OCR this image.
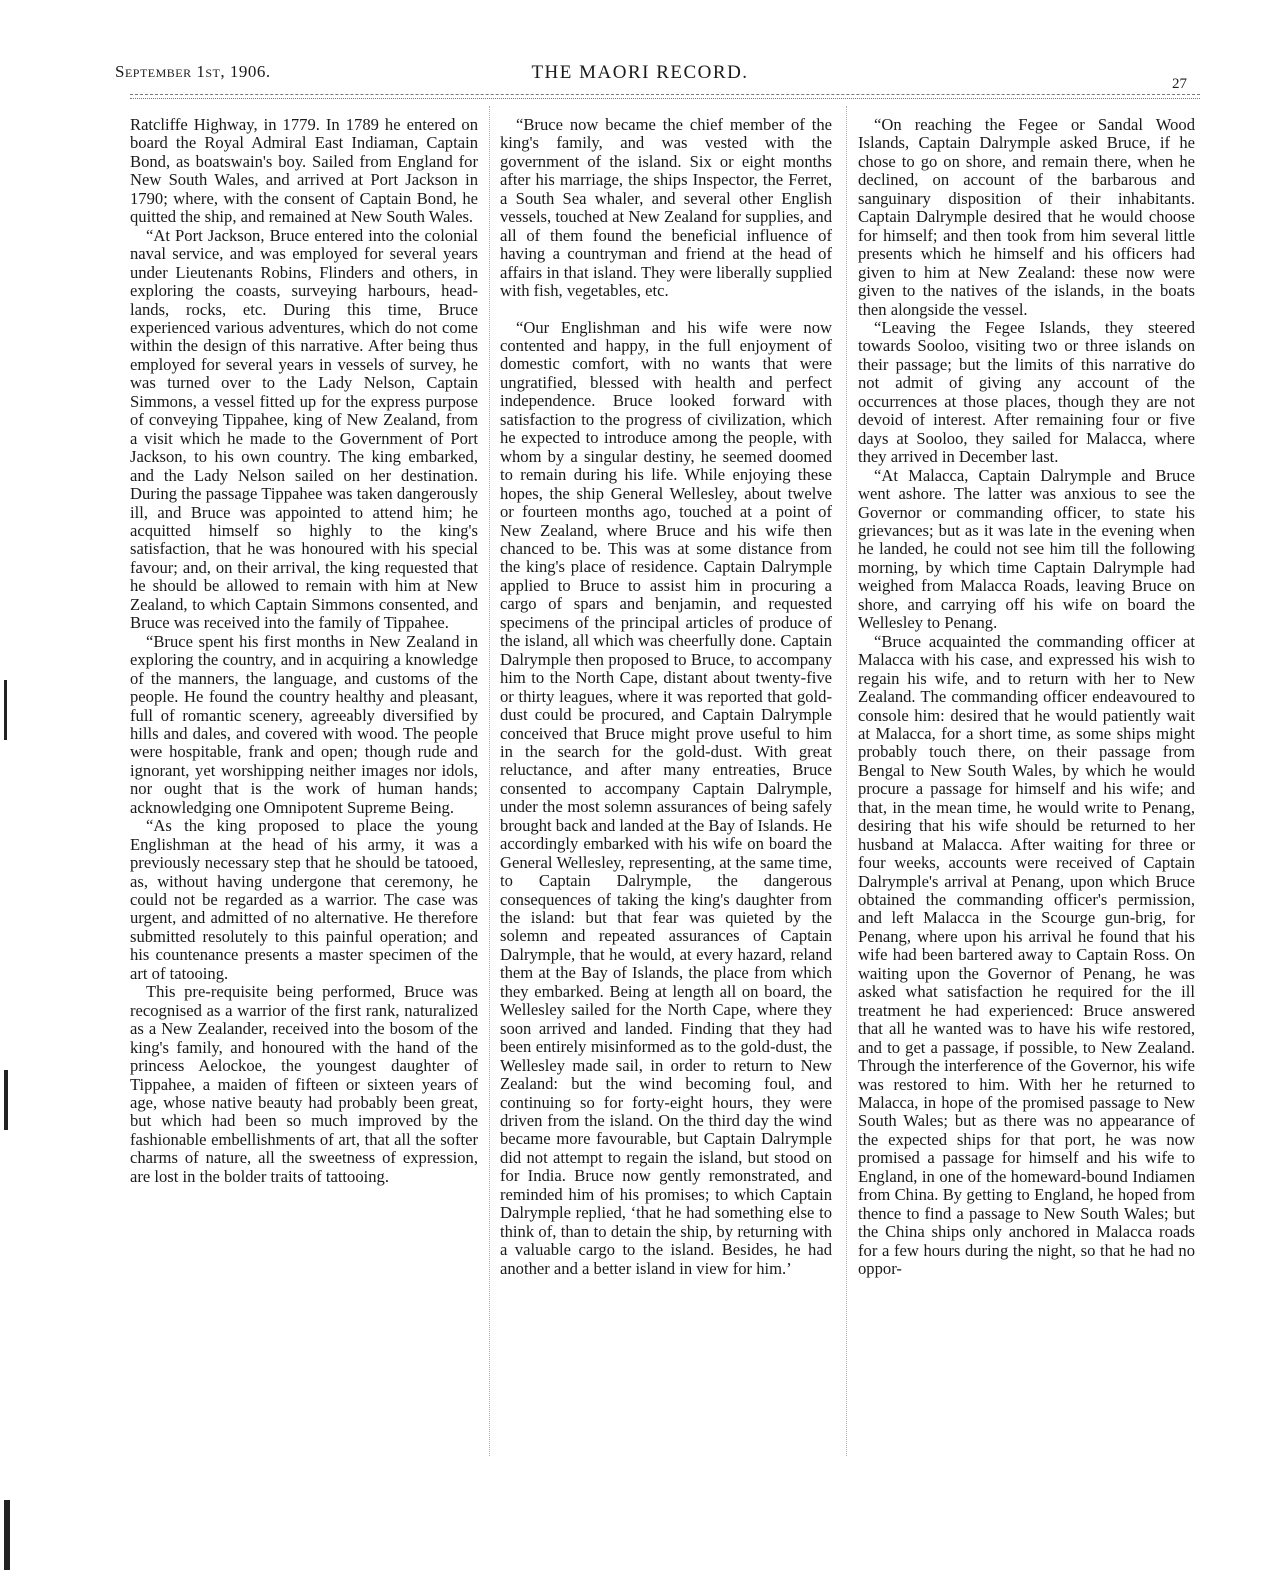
September 1st, 1906.	THE MAORI RECORD.
27

Ratcliffe Highway, in 1779. In 1789 he entered on board the Royal Admiral East Indiaman, Captain Bond, as boatswain's boy. Sailed from England for New South Wales, and arrived at Port Jackson in 1790; where, with the consent of Captain Bond, he quitted the ship, and remained at New South Wales.

“At Port Jackson, Bruce entered into the colonial naval service, and was employed for several years under Lieutenants Robins, Flinders and others, in exploring the coasts, surveying harbours, head-lands, rocks, etc. During this time, Bruce experienced various adventures, which do not come within the design of this narrative. After being thus employed for several years in vessels of survey, he was turned over to the Lady Nelson, Captain Simmons, a vessel fitted up for the express purpose of conveying Tippahee, king of New Zealand, from a visit which he made to the Government of Port Jackson, to his own country. The king embarked, and the Lady Nelson sailed on her destination. During the passage Tippahee was taken dangerously ill, and Bruce was appointed to attend him; he acquitted himself so highly to the king's satisfaction, that he was honoured with his special favour; and, on their arrival, the king requested that he should be allowed to remain with him at New Zealand, to which Captain Simmons consented, and Bruce was received into the family of Tippahee.

“Bruce spent his first months in New Zealand in exploring the country, and in acquiring a knowledge of the manners, the language, and customs of the people. He found the country healthy and pleasant, full of romantic scenery, agreeably diversified by hills and dales, and covered with wood. The people were hospitable, frank and open; though rude and ignorant, yet worshipping neither images nor idols, nor ought that is the work of human hands; acknowledging one Omnipotent Supreme Being.

“As the king proposed to place the young Englishman at the head of his army, it was a previously necessary step that he should be tatooed, as, without having undergone that ceremony, he could not be regarded as a warrior. The case was urgent, and admitted of no alternative. He therefore submitted resolutely to this painful operation; and his countenance presents a master specimen of the art of tatooing.

This pre-requisite being performed, Bruce was recognised as a warrior of the first rank, naturalized as a New Zealander, received into the bosom of the king's family, and honoured with the hand of the princess Aelockoe, the youngest daughter of Tippahee, a maiden of fifteen or sixteen years of age, whose native beauty had probably been great, but which had been so much improved by the fashionable embellishments of art, that all the softer charms of nature, all the sweetness of expression, are lost in the bolder traits of tattooing.

“Bruce now became the chief member of the king's family, and was vested with the government of the island. Six or eight months after his marriage, the ships Inspector, the Ferret, a South Sea whaler, and several other English vessels, touched at New Zealand for supplies, and all of them found the beneficial influence of having a countryman and friend at the head of affairs in that island. They were liberally supplied with fish, vegetables, etc.

“Our Englishman and his wife were now contented and happy, in the full enjoyment of domestic comfort, with no wants that were ungratified, blessed with health and perfect independence. Bruce looked forward with satisfaction to the progress of civilization, which he expected to introduce among the people, with whom by a singular destiny, he seemed doomed to remain during his life. While enjoying these hopes, the ship General Wellesley, about twelve or fourteen months ago, touched at a point of New Zealand, where Bruce and his wife then chanced to be. This was at some distance from the king's place of residence. Captain Dalrymple applied to Bruce to assist him in procuring a cargo of spars and benjamin, and requested specimens of the principal articles of produce of the island, all which was cheerfully done. Captain Dalrymple then proposed to Bruce, to accompany him to the North Cape, distant about twenty-five or thirty leagues, where it was reported that gold-dust could be procured, and Captain Dalrymple conceived that Bruce might prove useful to him in the search for the gold-dust. With great reluctance, and after many entreaties, Bruce consented to accompany Captain Dalrymple, under the most solemn assurances of being safely brought back and landed at the Bay of Islands. He accordingly embarked with his wife on board the General Wellesley, representing, at the same time, to Captain Dalrymple, the dangerous consequences of taking the king's daughter from the island: but that fear was quieted by the solemn and repeated assurances of Captain Dalrymple, that he would, at every hazard, reland them at the Bay of Islands, the place from which they embarked. Being at length all on board, the Wellesley sailed for the North Cape, where they soon arrived and landed. Finding that they had been entirely misinformed as to the gold-dust, the Wellesley made sail, in order to return to New Zealand: but the wind becoming foul, and continuing so for forty-eight hours, they were driven from the island. On the third day the wind became more favourable, but Captain Dalrymple did not attempt to regain the island, but stood on for India. Bruce now gently remonstrated, and reminded him of his promises; to which Captain Dalrymple replied, ‘that he had something else to think of, than to detain the ship, by returning with a valuable cargo to the island. Besides, he had another and a better island in view for him.’

“On reaching the Fegee or Sandal Wood Islands, Captain Dalrymple asked Bruce, if he chose to go on shore, and remain there, when he declined, on account of the barbarous and sanguinary disposition of their inhabitants. Captain Dalrymple desired that he would choose for himself; and then took from him several little presents which he himself and his officers had given to him at New Zealand: these now were given to the natives of the islands, in the boats then alongside the vessel.

“Leaving the Fegee Islands, they steered towards Sooloo, visiting two or three islands on their passage; but the limits of this narrative do not admit of giving any account of the occurrences at those places, though they are not devoid of interest. After remaining four or five days at Sooloo, they sailed for Malacca, where they arrived in December last.

“At Malacca, Captain Dalrymple and Bruce went ashore. The latter was anxious to see the Governor or commanding officer, to state his grievances; but as it was late in the evening when he landed, he could not see him till the following morning, by which time Captain Dalrymple had weighed from Malacca Roads, leaving Bruce on shore, and carrying off his wife on board the Wellesley to Penang.

“Bruce acquainted the commanding officer at Malacca with his case, and expressed his wish to regain his wife, and to return with her to New Zealand. The commanding officer endeavoured to console him: desired that he would patiently wait at Malacca, for a short time, as some ships might probably touch there, on their passage from Bengal to New South Wales, by which he would procure a passage for himself and his wife; and that, in the mean time, he would write to Penang, desiring that his wife should be returned to her husband at Malacca. After waiting for three or four weeks, accounts were received of Captain Dalrymple's arrival at Penang, upon which Bruce obtained the commanding officer's permission, and left Malacca in the Scourge gun-brig, for Penang, where upon his arrival he found that his wife had been bartered away to Captain Ross. On waiting upon the Governor of Penang, he was asked what satisfaction he required for the ill treatment he had experienced: Bruce answered that all he wanted was to have his wife restored, and to get a passage, if possible, to New Zealand. Through the interference of the Governor, his wife was restored to him. With her he returned to Malacca, in hope of the promised passage to New South Wales; but as there was no appearance of the expected ships for that port, he was now promised a passage for himself and his wife to England, in one of the homeward-bound Indiamen from China. By getting to England, he hoped from thence to find a passage to New South Wales; but the China ships only anchored in Malacca roads for a few hours during the night, so that he had no oppor-
